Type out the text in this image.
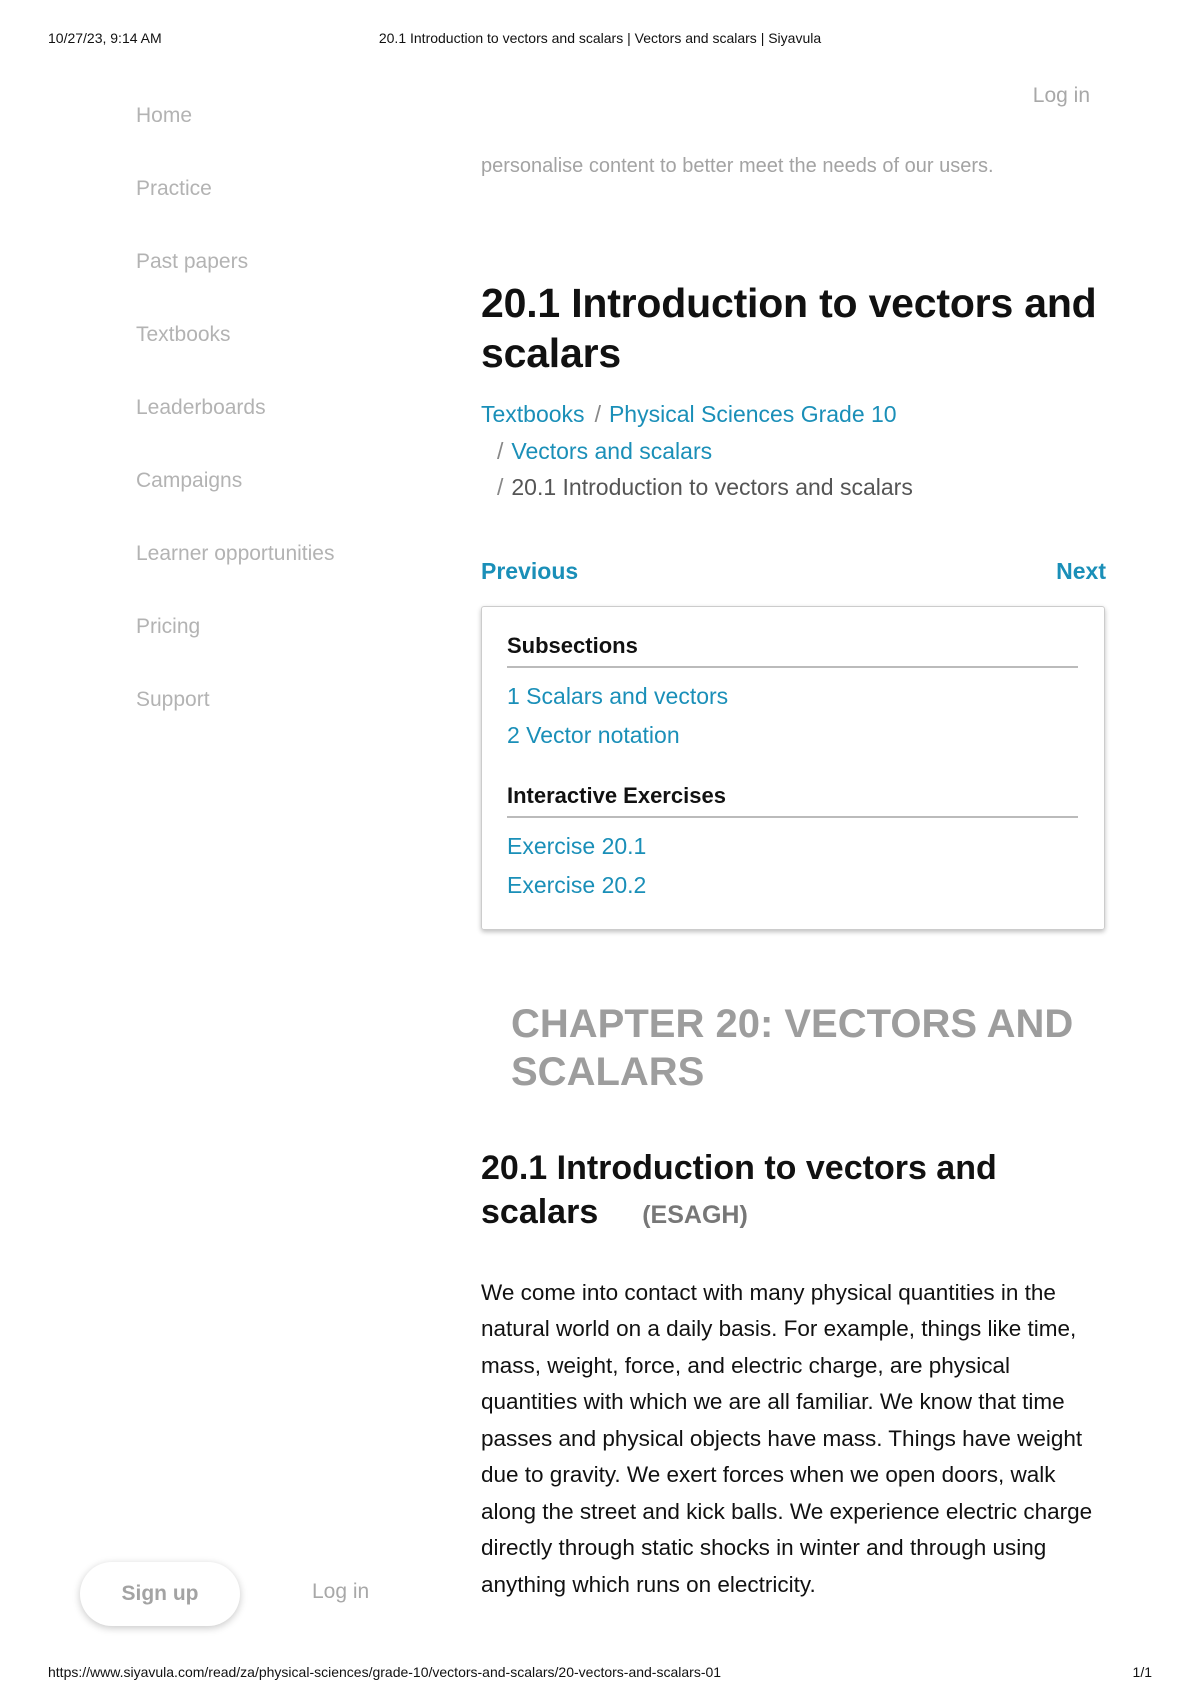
10/27/23, 9:14 AM	20.1 Introduction to vectors and scalars | Vectors and scalars | Siyavula
Home
Practice
Past papers
Textbooks
Leaderboards
Campaigns
Learner opportunities
Pricing
Support
Log in

personalise content to better meet the needs of our users.

20.1 Introduction to vectors and scalars
Textbooks / Physical Sciences Grade 10
/ Vectors and scalars
/ 20.1 Introduction to vectors and scalars
Previous	Next
Subsections
1 Scalars and vectors
2 Vector notation
Interactive Exercises
Exercise 20.1
Exercise 20.2
CHAPTER 20: VECTORS AND SCALARS
20.1 Introduction to vectors and scalars (ESAGH)

We come into contact with many physical quantities in the natural world on a daily basis. For example, things like time, mass, weight, force, and electric charge, are physical quantities with which we are all familiar. We know that time passes and physical objects have mass. Things have weight due to gravity. We exert forces when we open doors, walk along the street and kick balls. We experience electric charge directly through static shocks in winter and through using anything which runs on electricity.

Sign up	Log in
https://www.siyavula.com/read/za/physical-sciences/grade-10/vectors-and-scalars/20-vectors-and-scalars-01	1/1
